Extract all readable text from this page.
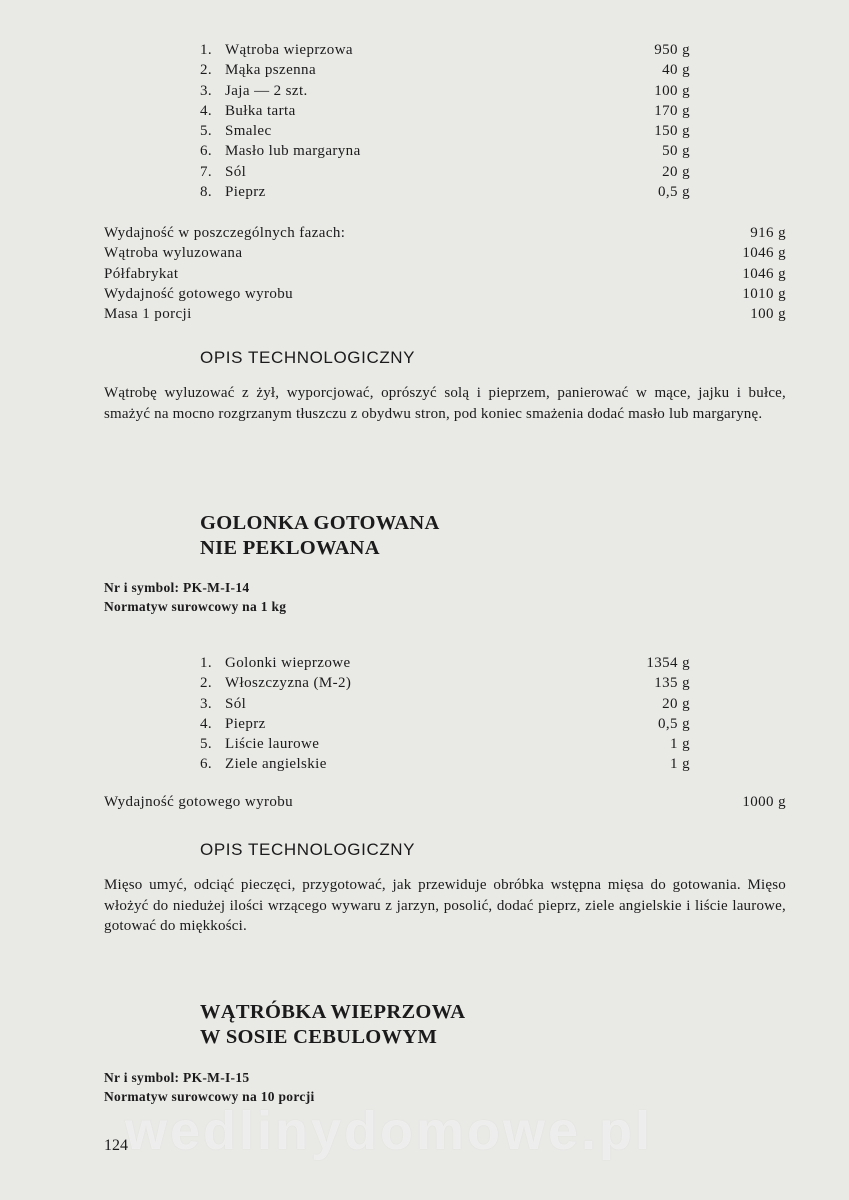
1. Wątroba wieprzowa	950 g
2. Mąka pszenna	40 g
3. Jaja — 2 szt.	100 g
4. Bułka tarta	170 g
5. Smalec	150 g
6. Masło lub margaryna	50 g
7. Sól	20 g
8. Pieprz	0,5 g
Wydajność w poszczególnych fazach:	916 g
Wątroba wyluzowana	1046 g
Półfabrykat	1046 g
Wydajność gotowego wyrobu	1010 g
Masa 1 porcji	100 g
OPIS TECHNOLOGICZNY
Wątrobę wyluzować z żył, wyporcjować, oprószyć solą i pieprzem, panierować w mące, jajku i bułce, smażyć na mocno rozgrzanym tłuszczu z obydwu stron, pod koniec smażenia dodać masło lub margarynę.
GOLONKA GOTOWANA
NIE PEKLOWANA
Nr i symbol: PK-M-I-14
Normatyw surowcowy na 1 kg
1. Golonki wieprzowe	1354 g
2. Włoszczyzna (M-2)	135 g
3. Sól	20 g
4. Pieprz	0,5 g
5. Liście laurowe	1 g
6. Ziele angielskie	1 g
Wydajność gotowego wyrobu	1000 g
OPIS TECHNOLOGICZNY
Mięso umyć, odciąć pieczęci, przygotować, jak przewiduje obróbka wstępna mięsa do gotowania. Mięso włożyć do niedużej ilości wrzącego wywaru z jarzyn, posolić, dodać pieprz, ziele angielskie i liście laurowe, gotować do miękkości.
WĄTRÓBKA WIEPRZOWA
W SOSIE CEBULOWYM
Nr i symbol: PK-M-I-15
Normatyw surowcowy na 10 porcji
wedlinydomowe.pl
124
